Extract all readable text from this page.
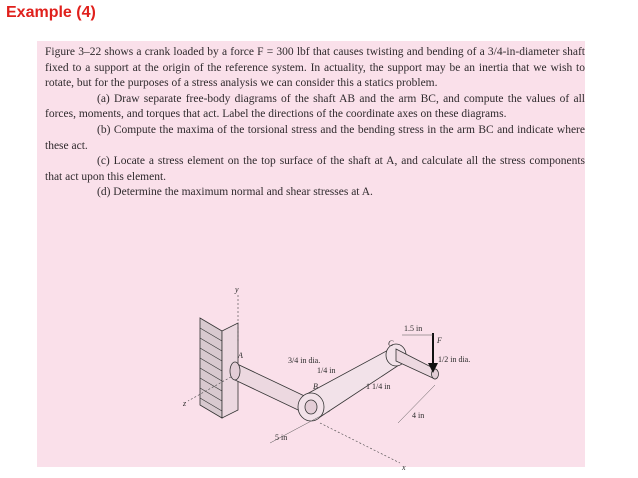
Example (4)

Figure 3–22 shows a crank loaded by a force F = 300 lbf that causes twisting and bending of a 3/4-in-diameter shaft fixed to a support at the origin of the reference system. In actuality, the support may be an inertia that we wish to rotate, but for the purposes of a stress analysis we can consider this a statics problem.

(a) Draw separate free-body diagrams of the shaft AB and the arm BC, and compute the values of all forces, moments, and torques that act. Label the directions of the coordinate axes on these diagrams.

(b) Compute the maxima of the torsional stress and the bending stress in the arm BC and indicate where these act.

(c) Locate a stress element on the top surface of the shaft at A, and calculate all the stress components that act upon this element.

(d) Determine the maximum normal and shear stresses at A.

y
z
x
A
B
C	F
1.5 in
3/4 in dia.	1/2 in dia.
1/4 in
1 1/4 in
4 in
5 in
